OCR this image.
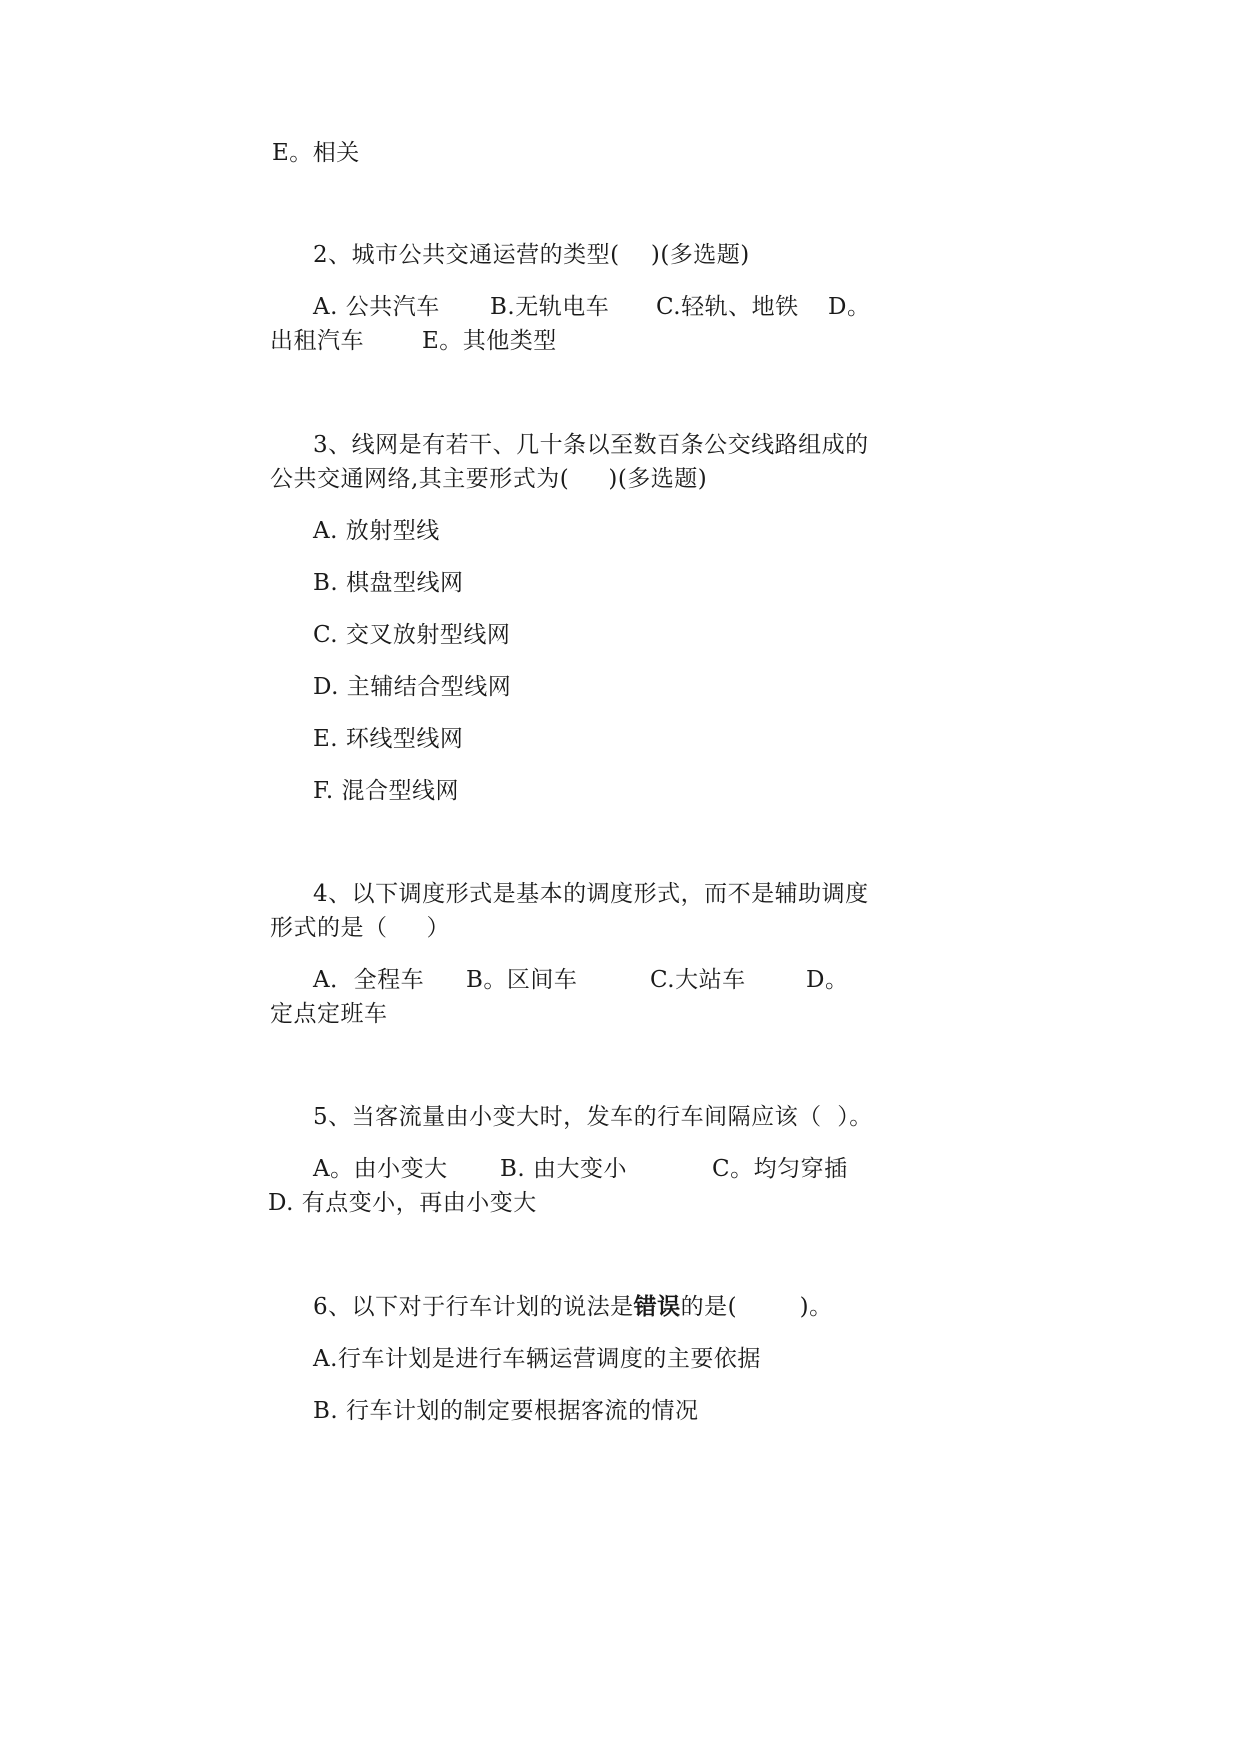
E。相关
2、城市公共交通运营的类型(    )(多选题)
A. 公共汽车 B.无轨电车 C.轻轨、地铁 D。
出租汽车	E。其他类型
3、线网是有若干、几十条以至数百条公交线路组成的
公共交通网络,其主要形式为(     )(多选题)
A. 放射型线
B. 棋盘型线网
C. 交叉放射型线网
D. 主辅结合型线网
E. 环线型线网
F. 混合型线网
4、以下调度形式是基本的调度形式，而不是辅助调度
形式的是（     ）
A．全程车 B。区间车	C.大站车	D。
定点定班车
5、当客流量由小变大时，发车的行车间隔应该（  ）。
A。由小变大 B. 由大变小	C。均匀穿插
D. 有点变小，再由小变大
6、以下对于行车计划的说法是错误的是(        )。
A.行车计划是进行车辆运营调度的主要依据
B. 行车计划的制定要根据客流的情况
